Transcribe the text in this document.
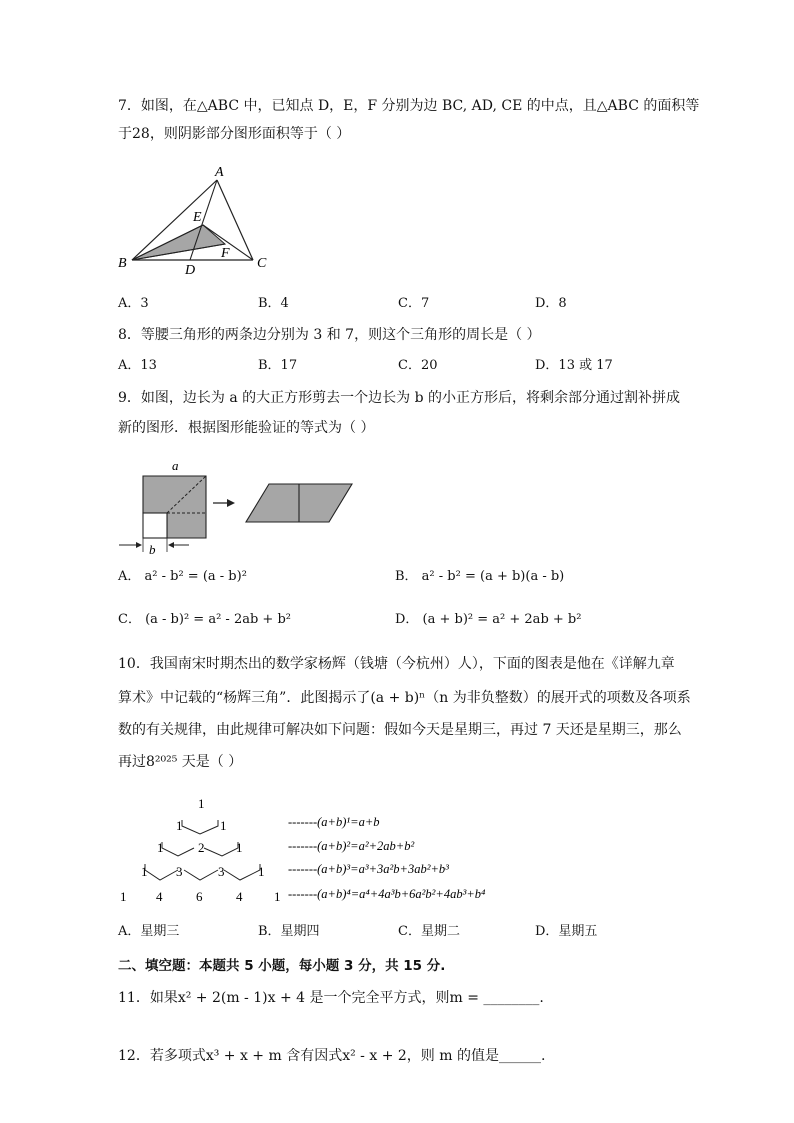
7．如图，在△ABC 中，已知点 D，E，F 分别为边 BC, AD, CE 的中点，且△ABC 的面积等
于28，则阴影部分图形面积等于（ ）
A
B	C
D
E
F
A．3	B．4	C．7	D．8
8．等腰三角形的两条边分别为 3 和 7，则这个三角形的周长是（ ）
A．13	B．17	C．20	D．13 或 17
9．如图，边长为 a 的大正方形剪去一个边长为 b 的小正方形后，将剩余部分通过割补拼成
新的图形．根据图形能验证的等式为（ ）
a
b
A． a² - b² = (a - b)²	B． a² - b² = (a + b)(a - b)
C． (a - b)² = a² - 2ab + b²	D． (a + b)² = a² + 2ab + b²
10．我国南宋时期杰出的数学家杨辉（钱塘（今杭州）人），下面的图表是他在《详解九章
算术》中记载的“杨辉三角”．此图揭示了(a + b)ⁿ（n 为非负整数）的展开式的项数及各项系
数的有关规律，由此规律可解决如下问题：假如今天是星期三，再过 7 天还是星期三，那么
再过8²⁰²⁵ 天是（ ）
1
1	1
1	2 1
1 3	3	1
1 4	6	4 1
-------(a+b)¹=a+b
-------(a+b)²=a²+2ab+b²
-------(a+b)³=a³+3a²b+3ab²+b³
-------(a+b)⁴=a⁴+4a³b+6a²b²+4ab³+b⁴
A．星期三	B．星期四	C．星期二	D．星期五
二、填空题：本题共 5 小题，每小题 3 分，共 15 分.
11．如果x² + 2(m - 1)x + 4 是一个完全平方式，则m = ________.
12．若多项式x³ + x + m 含有因式x² - x + 2，则 m 的值是______.
